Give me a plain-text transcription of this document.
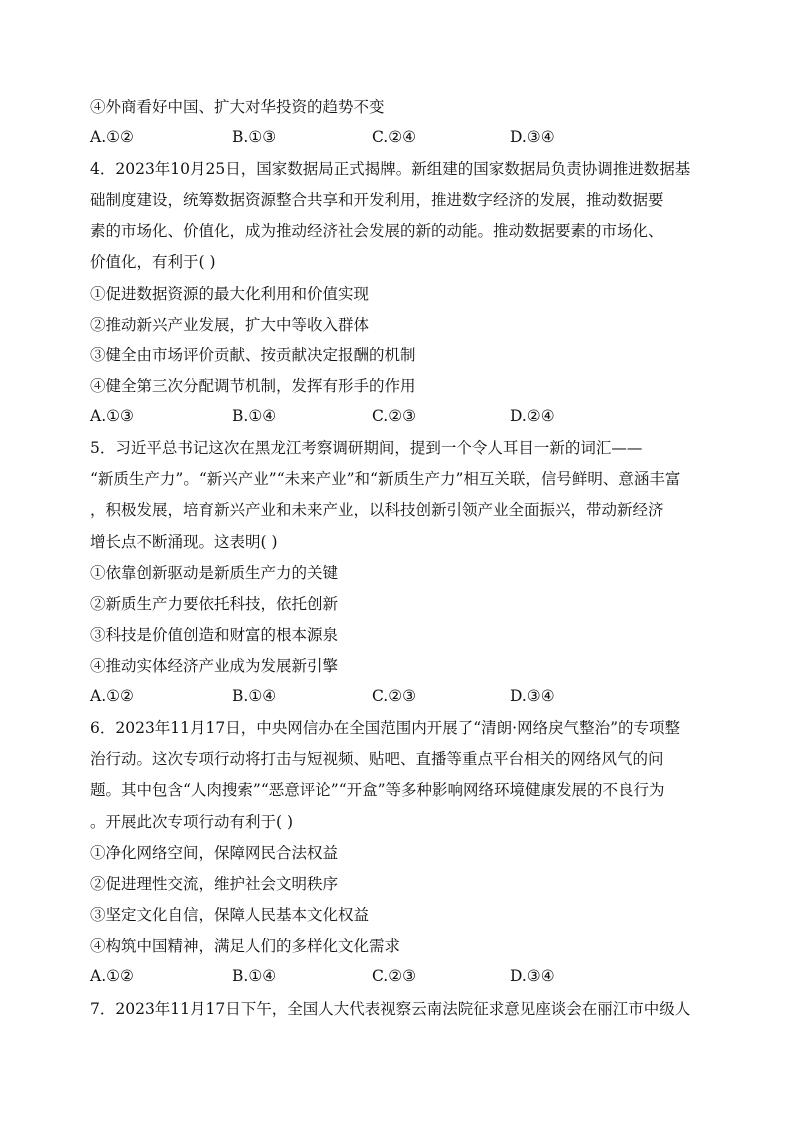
④外商看好中国、扩大对华投资的趋势不变
A.①②	B.①③	C.②④	D.③④
4．2023年10月25日，国家数据局正式揭牌。新组建的国家数据局负责协调推进数据基
础制度建设，统筹数据资源整合共享和开发利用，推进数字经济的发展，推动数据要
素的市场化、价值化，成为推动经济社会发展的新的动能。推动数据要素的市场化、
价值化，有利于( )
①促进数据资源的最大化利用和价值实现
②推动新兴产业发展，扩大中等收入群体
③健全由市场评价贡献、按贡献决定报酬的机制
④健全第三次分配调节机制，发挥有形手的作用
A.①③	B.①④	C.②③	D.②④
5．习近平总书记这次在黑龙江考察调研期间，提到一个令人耳目一新的词汇——
“新质生产力”。“新兴产业”“未来产业”和“新质生产力”相互关联，信号鲜明、意涵丰富
，积极发展，培育新兴产业和未来产业，以科技创新引领产业全面振兴，带动新经济
增长点不断涌现。这表明( )
①依靠创新驱动是新质生产力的关键
②新质生产力要依托科技，依托创新
③科技是价值创造和财富的根本源泉
④推动实体经济产业成为发展新引擎
A.①②	B.①④	C.②③	D.③④
6．2023年11月17日，中央网信办在全国范围内开展了“清朗·网络戾气整治”的专项整
治行动。这次专项行动将打击与短视频、贴吧、直播等重点平台相关的网络风气的问
题。其中包含“人肉搜索”“恶意评论”“开盒”等多种影响网络环境健康发展的不良行为
。开展此次专项行动有利于( )
①净化网络空间，保障网民合法权益
②促进理性交流，维护社会文明秩序
③坚定文化自信，保障人民基本文化权益
④构筑中国精神，满足人们的多样化文化需求
A.①②	B.①④	C.②③	D.③④
7．2023年11月17日下午，全国人大代表视察云南法院征求意见座谈会在丽江市中级人
